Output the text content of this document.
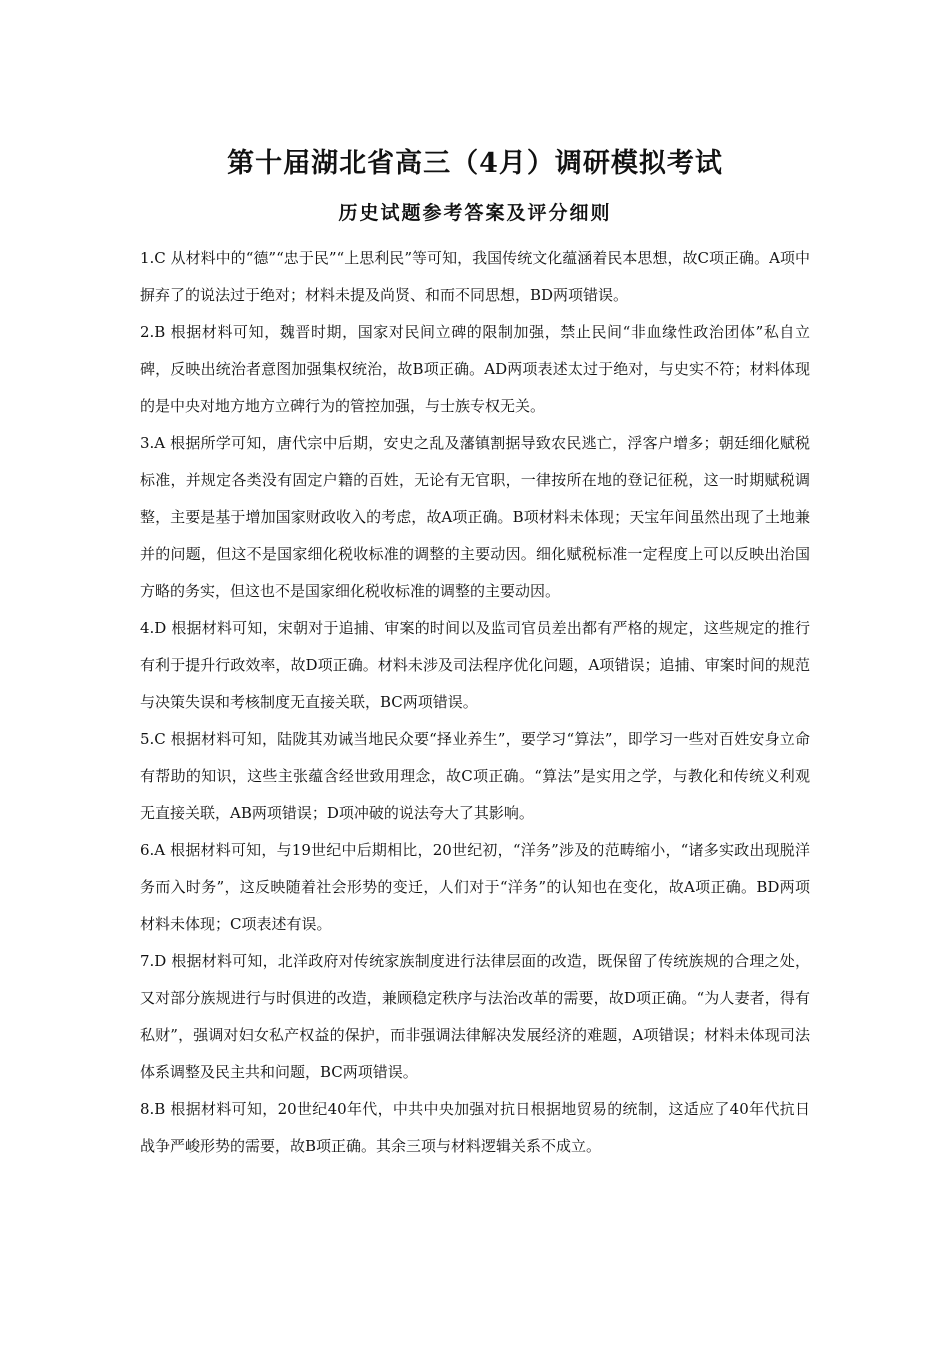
第十届湖北省高三（4月）调研模拟考试
历史试题参考答案及评分细则

1.C 从材料中的“德”“忠于民”“上思利民”等可知，我国传统文化蕴涵着民本思想，故C项正确。A项中摒弃了的说法过于绝对；材料未提及尚贤、和而不同思想，BD两项错误。

2.B 根据材料可知，魏晋时期，国家对民间立碑的限制加强，禁止民间“非血缘性政治团体”私自立碑，反映出统治者意图加强集权统治，故B项正确。AD两项表述太过于绝对，与史实不符；材料体现的是中央对地方地方立碑行为的管控加强，与士族专权无关。

3.A 根据所学可知，唐代宗中后期，安史之乱及藩镇割据导致农民逃亡，浮客户增多；朝廷细化赋税标准，并规定各类没有固定户籍的百姓，无论有无官职，一律按所在地的登记征税，这一时期赋税调整，主要是基于增加国家财政收入的考虑，故A项正确。B项材料未体现；天宝年间虽然出现了土地兼并的问题，但这不是国家细化税收标准的调整的主要动因。细化赋税标准一定程度上可以反映出治国方略的务实，但这也不是国家细化税收标准的调整的主要动因。

4.D 根据材料可知，宋朝对于追捕、审案的时间以及监司官员差出都有严格的规定，这些规定的推行有利于提升行政效率，故D项正确。材料未涉及司法程序优化问题，A项错误；追捕、审案时间的规范与决策失误和考核制度无直接关联，BC两项错误。

5.C 根据材料可知，陆陇其劝诫当地民众要“择业养生”，要学习“算法”，即学习一些对百姓安身立命有帮助的知识，这些主张蕴含经世致用理念，故C项正确。“算法”是实用之学，与教化和传统义利观无直接关联，AB两项错误；D项冲破的说法夸大了其影响。

6.A 根据材料可知，与19世纪中后期相比，20世纪初，“洋务”涉及的范畴缩小，“诸多实政出现脱洋务而入时务”，这反映随着社会形势的变迁，人们对于“洋务”的认知也在变化，故A项正确。BD两项材料未体现；C项表述有误。

7.D 根据材料可知，北洋政府对传统家族制度进行法律层面的改造，既保留了传统族规的合理之处，又对部分族规进行与时俱进的改造，兼顾稳定秩序与法治改革的需要，故D项正确。“为人妻者，得有私财”，强调对妇女私产权益的保护，而非强调法律解决发展经济的难题，A项错误；材料未体现司法体系调整及民主共和问题，BC两项错误。

8.B 根据材料可知，20世纪40年代，中共中央加强对抗日根据地贸易的统制，这适应了40年代抗日战争严峻形势的需要，故B项正确。其余三项与材料逻辑关系不成立。
